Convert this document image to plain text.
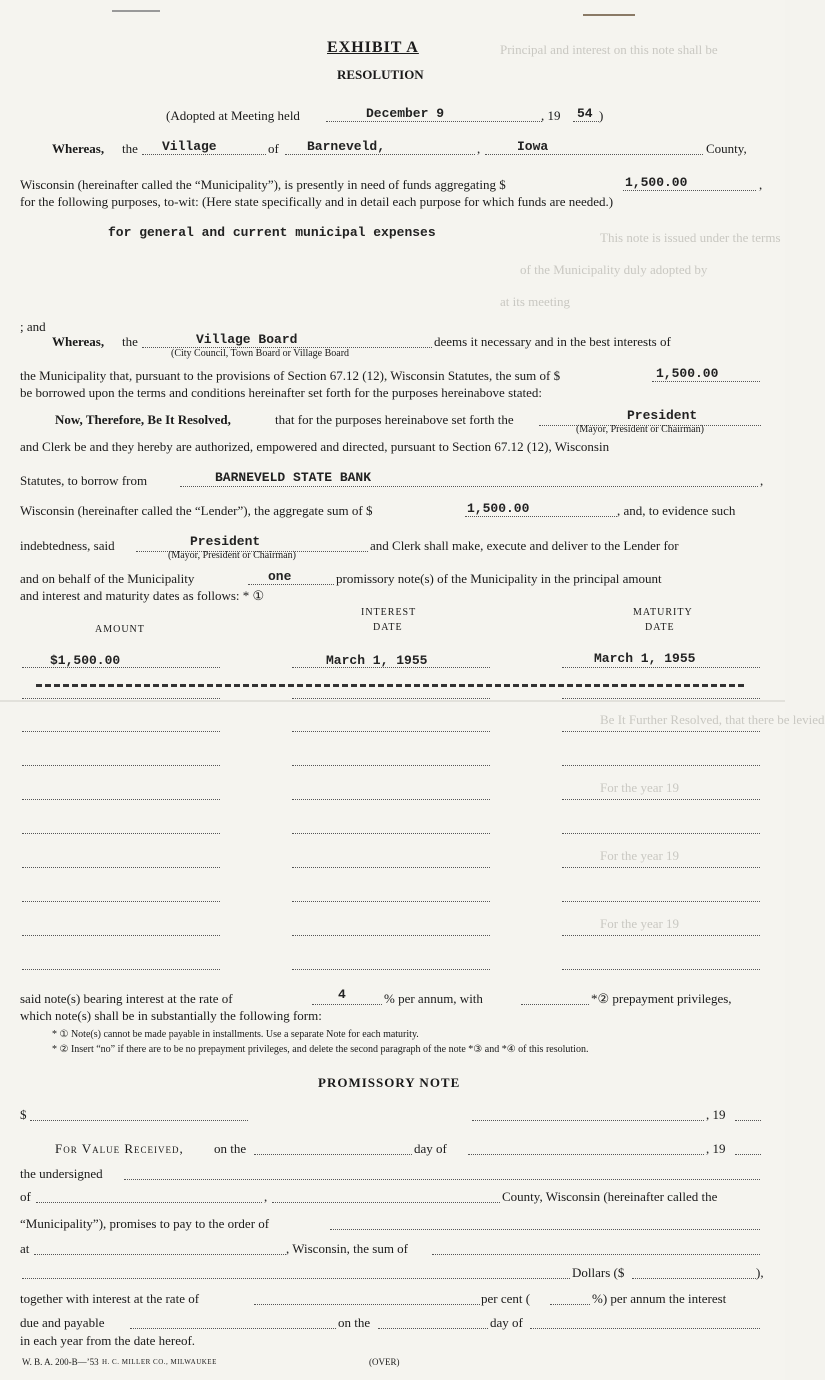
EXHIBIT A
RESOLUTION
(Adopted at Meeting held	December 9	, 19 54 )
Whereas, the Village	of Barneveld,	,	Iowa	County,
Wisconsin (hereinafter called the “Municipality”), is presently in need of funds aggregating $	1,500.00	,
for the following purposes, to-wit: (Here state specifically and in detail each purpose for which funds are needed.)
for general and current municipal expenses
Principal and interest on this note shall be
This note is issued under the terms
of the Municipality duly adopted by
at its meeting
; and
Whereas, the	Village Board
(City Council, Town Board or Village Board
deems it necessary and in the best interests of
the Municipality that, pursuant to the provisions of Section 67.12 (12), Wisconsin Statutes, the sum of $	1,500.00
be borrowed upon the terms and conditions hereinafter set forth for the purposes hereinabove stated:
Now, Therefore, Be It Resolved,	that for the purposes hereinabove set forth the	President
(Mayor, President or Chairman)
and Clerk be and they hereby are authorized, empowered and directed, pursuant to Section 67.12 (12), Wisconsin
Statutes, to borrow from	BARNEVELD STATE BANK	,
Wisconsin (hereinafter called the “Lender”), the aggregate sum of $	1,500.00	, and, to evidence such
indebtedness, said	President
(Mayor, President or Chairman)
and Clerk shall make, execute and deliver to the Lender for
and on behalf of the Municipality	one	promissory note(s) of the Municipality in the principal amount
and interest and maturity dates as follows: * ①
AMOUNT
INTEREST
DATE
MATURITY
DATE
$1,500.00	March 1, 1955	March 1, 1955
Be It Further Resolved, that there be levied
For the year 19
For the year 19
For the year 19
said note(s) bearing interest at the rate of	4	% per annum, with	*② prepayment privileges,
which note(s) shall be in substantially the following form:
* ① Note(s) cannot be made payable in installments. Use a separate Note for each maturity.
* ② Insert “no” if there are to be no prepayment privileges, and delete the second paragraph of the note *③ and *④ of this resolution.
PROMISSORY NOTE
$	, 19
For Value Received, on the	day of	, 19
the undersigned
of	,	County, Wisconsin (hereinafter called the
“Municipality”), promises to pay to the order of
at	, Wisconsin, the sum of
Dollars ($	),
together with interest at the rate of	per cent (	%) per annum the interest
due and payable	on the	day of
in each year from the date hereof.
W. B. A. 200-B—’53 H. C. MILLER CO., MILWAUKEE	(OVER)
